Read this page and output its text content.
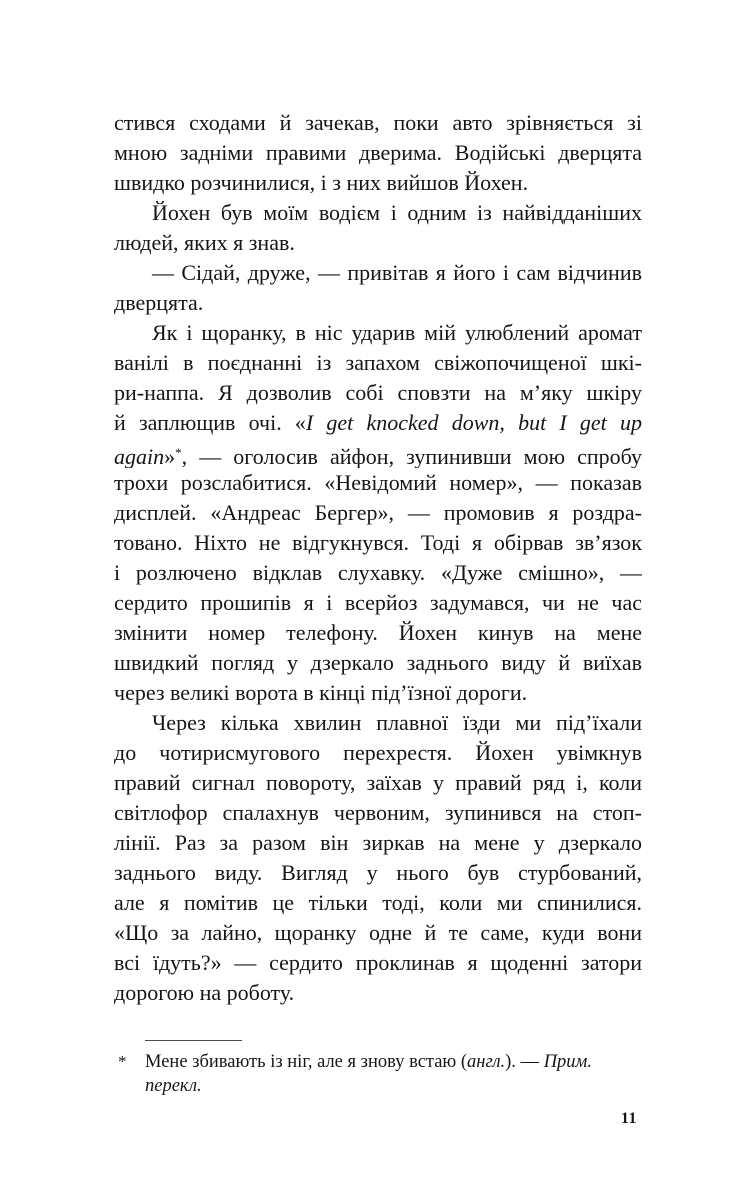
стився сходами й зачекав, поки авто зрівняється зі
мною задніми правими дверима. Водійські дверцята
швидко розчинилися, і з них вийшов Йохен.
Йохен був моїм водієм і одним із найвідданіших
людей, яких я знав.
— Сідай, друже, — привітав я його і сам відчинив
дверцята.
Як і щоранку, в ніс ударив мій улюблений аромат
ванілі в поєднанні із запахом свіжопочищеної шкі-
ри-наппа. Я дозволив собі сповзти на м’яку шкіру
й заплющив очі. «I get knocked down, but I get up
again»*, — оголосив айфон, зупинивши мою спробу
трохи розслабитися. «Невідомий номер», — показав
дисплей. «Андреас Бергер», — промовив я роздра-
товано. Ніхто не відгукнувся. Тоді я обірвав зв’язок
і розлючено відклав слухавку. «Дуже смішно», —
сердито прошипів я і всерйоз задумався, чи не час
змінити номер телефону. Йохен кинув на мене
швидкий погляд у дзеркало заднього виду й виїхав
через великі ворота в кінці під’їзної дороги.
Через кілька хвилин плавної їзди ми під’їхали
до чотирисмугового перехрестя. Йохен увімкнув
правий сигнал повороту, заїхав у правий ряд і, коли
світлофор спалахнув червоним, зупинився на стоп-
лінії. Раз за разом він зиркав на мене у дзеркало
заднього виду. Вигляд у нього був стурбований,
але я помітив це тільки тоді, коли ми спинилися.
«Що за лайно, щоранку одне й те саме, куди вони
всі їдуть?» — сердито проклинав я щоденні затори
дорогою на роботу.
*	Мене збивають із ніг, але я знову встаю (англ.). — Прим. перекл.
11
